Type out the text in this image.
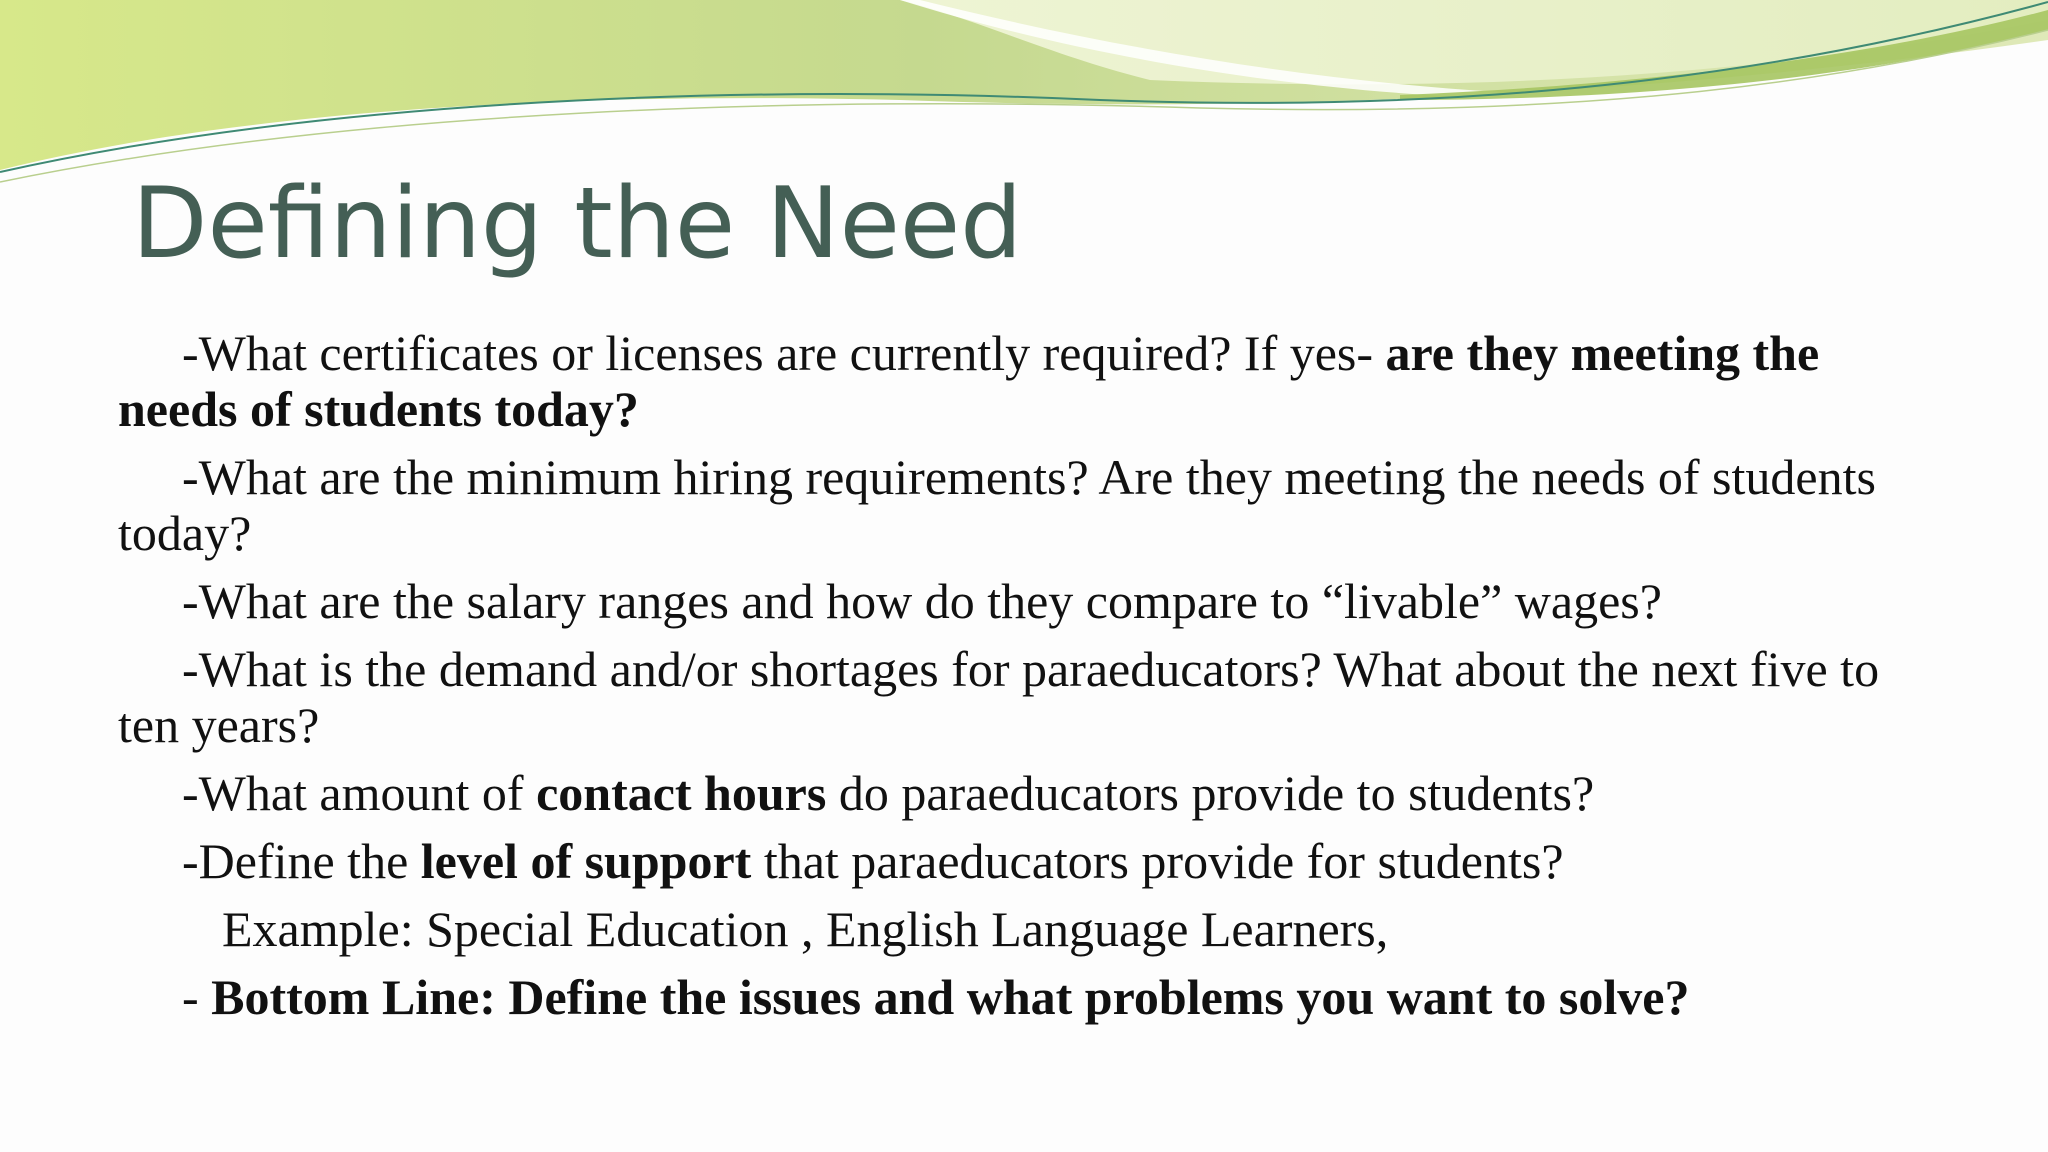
Defining the Need

-What certificates or licenses are currently required? If yes- are they meeting the needs of students today?

-What are the minimum hiring requirements? Are they meeting the needs of students today?

-What are the salary ranges and how do they compare to “livable” wages?

-What is the demand and/or shortages for paraeducators? What about the next five to ten years?

-What amount of contact hours do paraeducators provide to students?

-Define the level of support that paraeducators provide for students?

Example: Special Education , English Language Learners,

- Bottom Line: Define the issues and what problems you want to solve?
